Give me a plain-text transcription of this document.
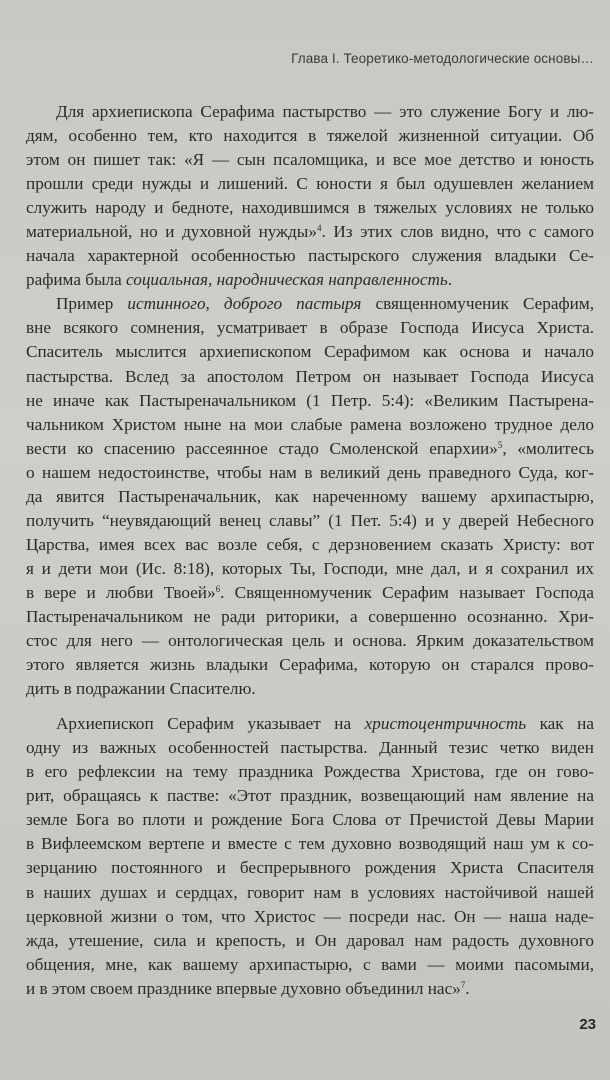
Глава I. Теоретико-методологические основы…
Для архиепископа Серафима пастырство — это служение Богу и лю-
дям, особенно тем, кто находится в тяжелой жизненной ситуации. Об
этом он пишет так: «Я — сын псаломщика, и все мое детство и юность
прошли среди нужды и лишений. С юности я был одушевлен желанием
служить народу и бедноте, находившимся в тяжелых условиях не только
материальной, но и духовной нужды»$^4$. Из этих слов видно, что с самого
начала характерной особенностью пастырского служения владыки Се-
рафима была социальная, народническая направленность.
Пример истинного, доброго пастыря священномученик Серафим,
вне всякого сомнения, усматривает в образе Господа Иисуса Христа.
Спаситель мыслится архиепископом Серафимом как основа и начало
пастырства. Вслед за апостолом Петром он называет Господа Иисуса
не иначе как Пастыреначальником (1 Петр. 5:4): «Великим Пастырена-
чальником Христом ныне на мои слабые рамена возложено трудное дело
вести ко спасению рассеянное стадо Смоленской епархии»$^5$, «молитесь
о нашем недостоинстве, чтобы нам в великий день праведного Суда, ког-
да явится Пастыреначальник, как нареченному вашему архипастырю,
получить “неувядающий венец славы” (1 Пет. 5:4) и у дверей Небесного
Царства, имея всех вас возле себя, с дерзновением сказать Христу: вот
я и дети мои (Ис. 8:18), которых Ты, Господи, мне дал, и я сохранил их
в вере и любви Твоей»$^6$. Священномученик Серафим называет Господа
Пастыреначальником не ради риторики, а совершенно осознанно. Хри-
стос для него — онтологическая цель и основа. Ярким доказательством
этого является жизнь владыки Серафима, которую он старался прово-
дить в подражании Спасителю.
Архиепископ Серафим указывает на христоцентричность как на
одну из важных особенностей пастырства. Данный тезис четко виден
в его рефлексии на тему праздника Рождества Христова, где он гово-
рит, обращаясь к пастве: «Этот праздник, возвещающий нам явление на
земле Бога во плоти и рождение Бога Слова от Пречистой Девы Марии
в Вифлеемском вертепе и вместе с тем духовно возводящий наш ум к со-
зерцанию постоянного и беспрерывного рождения Христа Спасителя
в наших душах и сердцах, говорит нам в условиях настойчивой нашей
церковной жизни о том, что Христос — посреди нас. Он — наша наде-
жда, утешение, сила и крепость, и Он даровал нам радость духовного
общения, мне, как вашему архипастырю, с вами — моими пасомыми,
и в этом своем празднике впервые духовно объединил нас»$^7$.
23
